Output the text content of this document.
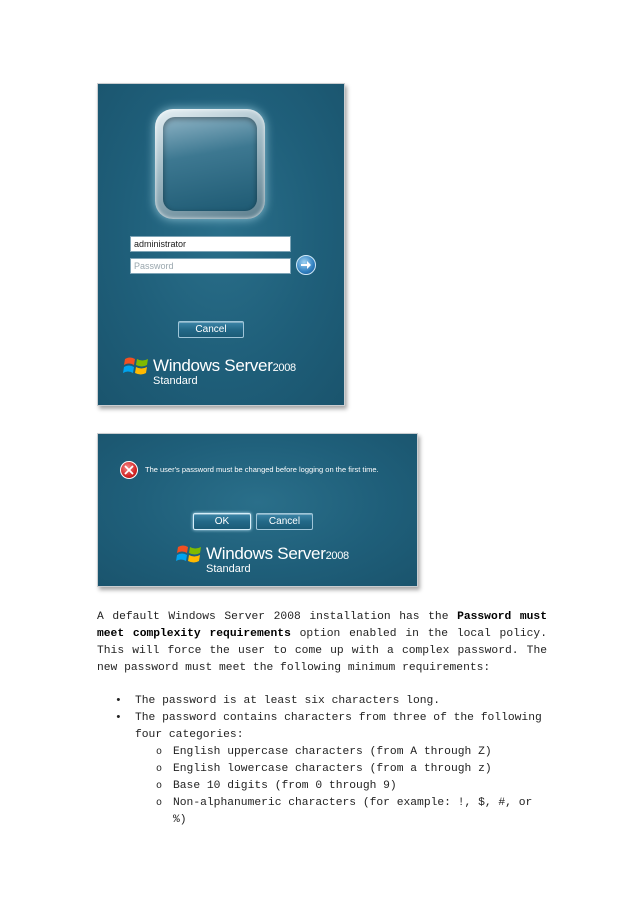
administrator
Cancel
Windows Server2008
Standard
The user's password must be changed before logging on the first time.
OK	Cancel
Windows Server2008
Standard

A default Windows Server 2008 installation has the Password must meet complexity requirements option enabled in the local policy. This will force the user to come up with a complex password. The new password must meet the following minimum requirements:

• The password is at least six characters long.
• The password contains characters from three of the following four categories:
o English uppercase characters (from A through Z)
o English lowercase characters (from a through z)
o Base 10 digits (from 0 through 9)
o Non-alphanumeric characters (for example: !, $, #, or %)
